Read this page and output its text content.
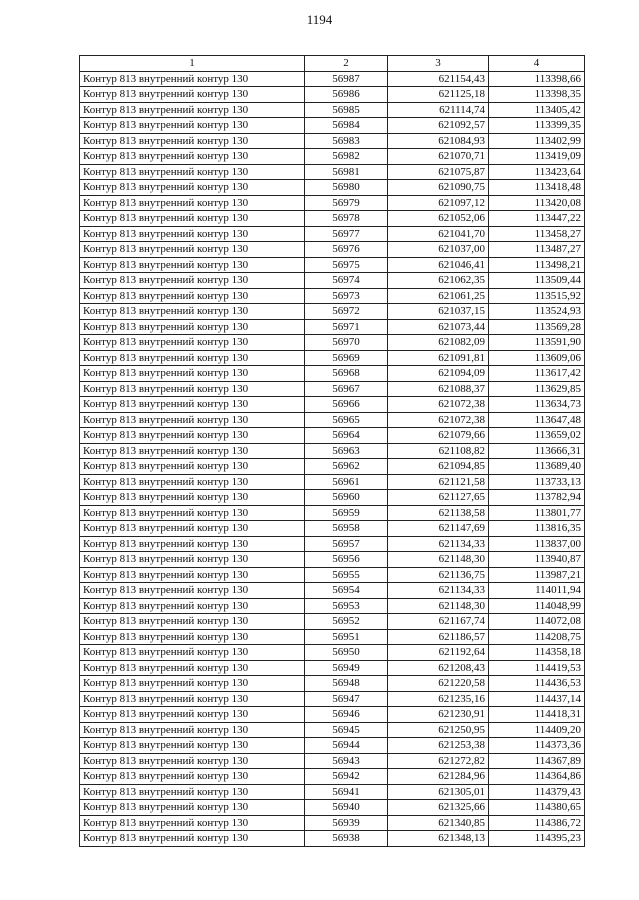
1194
1	2	3	4
Контур 813 внутренний контур 130	56987	621154,43	113398,66
Контур 813 внутренний контур 130	56986	621125,18	113398,35
Контур 813 внутренний контур 130	56985	621114,74	113405,42
Контур 813 внутренний контур 130	56984	621092,57	113399,35
Контур 813 внутренний контур 130	56983	621084,93	113402,99
Контур 813 внутренний контур 130	56982	621070,71	113419,09
Контур 813 внутренний контур 130	56981	621075,87	113423,64
Контур 813 внутренний контур 130	56980	621090,75	113418,48
Контур 813 внутренний контур 130	56979	621097,12	113420,08
Контур 813 внутренний контур 130	56978	621052,06	113447,22
Контур 813 внутренний контур 130	56977	621041,70	113458,27
Контур 813 внутренний контур 130	56976	621037,00	113487,27
Контур 813 внутренний контур 130	56975	621046,41	113498,21
Контур 813 внутренний контур 130	56974	621062,35	113509,44
Контур 813 внутренний контур 130	56973	621061,25	113515,92
Контур 813 внутренний контур 130	56972	621037,15	113524,93
Контур 813 внутренний контур 130	56971	621073,44	113569,28
Контур 813 внутренний контур 130	56970	621082,09	113591,90
Контур 813 внутренний контур 130	56969	621091,81	113609,06
Контур 813 внутренний контур 130	56968	621094,09	113617,42
Контур 813 внутренний контур 130	56967	621088,37	113629,85
Контур 813 внутренний контур 130	56966	621072,38	113634,73
Контур 813 внутренний контур 130	56965	621072,38	113647,48
Контур 813 внутренний контур 130	56964	621079,66	113659,02
Контур 813 внутренний контур 130	56963	621108,82	113666,31
Контур 813 внутренний контур 130	56962	621094,85	113689,40
Контур 813 внутренний контур 130	56961	621121,58	113733,13
Контур 813 внутренний контур 130	56960	621127,65	113782,94
Контур 813 внутренний контур 130	56959	621138,58	113801,77
Контур 813 внутренний контур 130	56958	621147,69	113816,35
Контур 813 внутренний контур 130	56957	621134,33	113837,00
Контур 813 внутренний контур 130	56956	621148,30	113940,87
Контур 813 внутренний контур 130	56955	621136,75	113987,21
Контур 813 внутренний контур 130	56954	621134,33	114011,94
Контур 813 внутренний контур 130	56953	621148,30	114048,99
Контур 813 внутренний контур 130	56952	621167,74	114072,08
Контур 813 внутренний контур 130	56951	621186,57	114208,75
Контур 813 внутренний контур 130	56950	621192,64	114358,18
Контур 813 внутренний контур 130	56949	621208,43	114419,53
Контур 813 внутренний контур 130	56948	621220,58	114436,53
Контур 813 внутренний контур 130	56947	621235,16	114437,14
Контур 813 внутренний контур 130	56946	621230,91	114418,31
Контур 813 внутренний контур 130	56945	621250,95	114409,20
Контур 813 внутренний контур 130	56944	621253,38	114373,36
Контур 813 внутренний контур 130	56943	621272,82	114367,89
Контур 813 внутренний контур 130	56942	621284,96	114364,86
Контур 813 внутренний контур 130	56941	621305,01	114379,43
Контур 813 внутренний контур 130	56940	621325,66	114380,65
Контур 813 внутренний контур 130	56939	621340,85	114386,72
Контур 813 внутренний контур 130	56938	621348,13	114395,23
